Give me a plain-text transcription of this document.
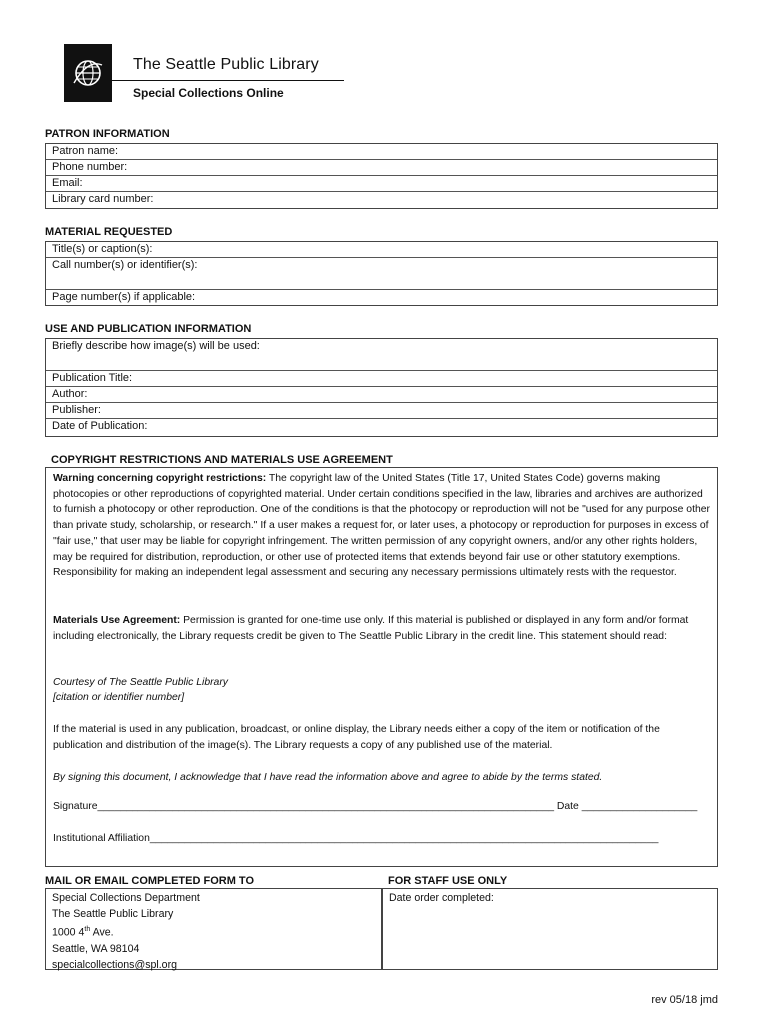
The Seattle Public Library
Special Collections Online
PATRON INFORMATION
Patron name:
Phone number:
Email:
Library card number:
MATERIAL REQUESTED
Title(s) or caption(s):
Call number(s) or identifier(s):
Page number(s) if applicable:
USE AND PUBLICATION INFORMATION
Briefly describe how image(s) will be used:
Publication Title:
Author:
Publisher:
Date of Publication:
COPYRIGHT RESTRICTIONS AND MATERIALS USE AGREEMENT

Warning concerning copyright restrictions: The copyright law of the United States (Title 17, United States Code) governs making photocopies or other reproductions of copyrighted material. Under certain conditions specified in the law, libraries and archives are authorized to furnish a photocopy or other reproduction. One of the conditions is that the photocopy or reproduction will not be "used for any purpose other than private study, scholarship, or research." If a user makes a request for, or later uses, a photocopy or reproduction for purposes in excess of "fair use," that user may be liable for copyright infringement. The written permission of any copyright owners, and/or any other rights holders, may be required for distribution, reproduction, or other use of protected items that extends beyond fair use or other statutory exemptions. Responsibility for making an independent legal assessment and securing any necessary permissions ultimately rests with the requestor.

Materials Use Agreement: Permission is granted for one-time use only. If this material is published or displayed in any form and/or format including electronically, the Library requests credit be given to The Seattle Public Library in the credit line. This statement should read:

Courtesy of The Seattle Public Library

[citation or identifier number]

If the material is used in any publication, broadcast, or online display, the Library needs either a copy of the item or notification of the publication and distribution of the image(s). The Library requests a copy of any published use of the material.

By signing this document, I acknowledge that I have read the information above and agree to abide by the terms stated.

Signature_______________________________________________________________________________ Date ____________________
Institutional Affiliation________________________________________________________________________________________
MAIL OR EMAIL COMPLETED FORM TO	FOR STAFF USE ONLY
Special Collections Department
The Seattle Public Library
1000 4th Ave.
Seattle, WA 98104
specialcollections@spl.org
Date order completed:
rev 05/18 jmd
